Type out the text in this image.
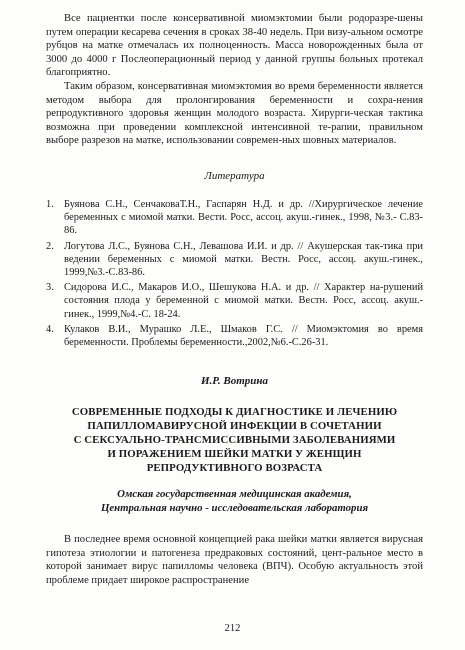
Все пациентки после консервативной миомэктомии были родоразре-шены путем операции кесарева сечения в сроках 38-40 недель. При визу-альном осмотре рубцов на матке отмечалась их полноценность. Масса новорожденных была от 3000 до 4000 г Послеоперационный период у данной группы больных протекал благоприятно.

Таким образом, консервативная миомэктомия во время беременности является методом выбора для пролонгирования беременности и сохра-нения репродуктивного здоровья женщин молодого возраста. Хирурги-ческая тактика возможна при проведении комплексной интенсивной те-рапии, правильном выборе разрезов на матке, использовании современ-ных шовных материалов.

Литература
1. Буянова С.Н., СенчаковаТ.Н., Гаспарян Н.Д. и др. //Хирургическое лечение беременных с миомой матки. Вести. Росс, ассоц. акуш.-гинек., 1998, №3.- С.83-86.
2. Логутова Л.С., Буянова С.Н., Левашова И.И. и др. // Акушерская так-тика при ведении беременных с миомой матки. Вестн. Росс, ассоц. акуш.-гинек., 1999,№3.-С.83-86.
3. Сидорова И.С., Макаров И.О., Шешукова Н.А. и др. // Характер на-рушений состояния плода у беременной с миомой матки. Вестн. Росс, ассоц. акуш.-гинек., 1999,№4.-С. 18-24.
4. Кулаков В.И., Мурашко Л.Е., Шмаков Г.С. // Миомэктомия во время беременности. Проблемы беременности.,2002,№6.-С.26-31.
И.Р. Вотрина

СОВРЕМЕННЫЕ ПОДХОДЫ К ДИАГНОСТИКЕ И ЛЕЧЕНИЮ

ПАПИЛЛОМАВИРУСНОЙ ИНФЕКЦИИ В СОЧЕТАНИИ

С СЕКСУАЛЬНО-ТРАНСМИССИВНЫМИ ЗАБОЛЕВАНИЯМИ

И ПОРАЖЕНИЕМ ШЕЙКИ МАТКИ У ЖЕНЩИН

РЕПРОДУКТИВНОГО ВОЗРАСТА

Омская государственная медицинская академия,
Центральная научно - исследовательская лаборатория

В последнее время основной концепцией рака шейки матки является вирусная гипотеза этиологии и патогенеза предраковых состояний, цент-ральное место в которой занимает вирус папилломы человека (ВПЧ). Особую актуальность этой проблеме придает широкое распространение

212
